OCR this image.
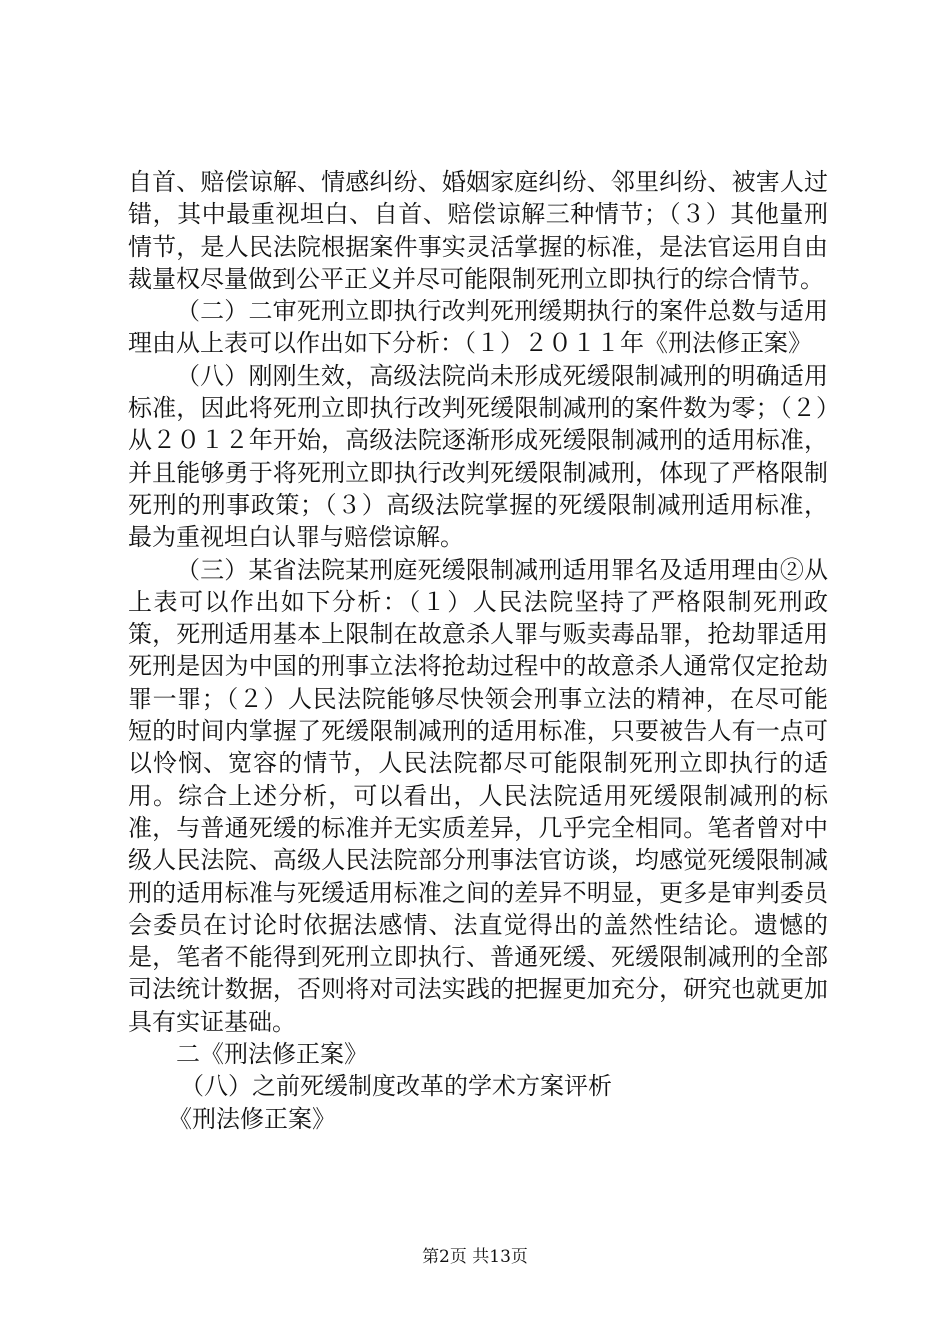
自首、赔偿谅解、情感纠纷、婚姻家庭纠纷、邻里纠纷、被害人过错，其中最重视坦白、自首、赔偿谅解三种情节；（３）其他量刑情节，是人民法院根据案件事实灵活掌握的标准，是法官运用自由裁量权尽量做到公平正义并尽可能限制死刑立即执行的综合情节。

（二）二审死刑立即执行改判死刑缓期执行的案件总数与适用理由从上表可以作出如下分析：（１）２０１１年《刑法修正案》

（八）刚刚生效，高级法院尚未形成死缓限制减刑的明确适用标准，因此将死刑立即执行改判死缓限制减刑的案件数为零；（２）从２０１２年开始，高级法院逐渐形成死缓限制减刑的适用标准，并且能够勇于将死刑立即执行改判死缓限制减刑，体现了严格限制死刑的刑事政策；（３）高级法院掌握的死缓限制减刑适用标准，最为重视坦白认罪与赔偿谅解。

（三）某省法院某刑庭死缓限制减刑适用罪名及适用理由②从上表可以作出如下分析：（１）人民法院坚持了严格限制死刑政策，死刑适用基本上限制在故意杀人罪与贩卖毒品罪，抢劫罪适用死刑是因为中国的刑事立法将抢劫过程中的故意杀人通常仅定抢劫罪一罪；（２）人民法院能够尽快领会刑事立法的精神，在尽可能短的时间内掌握了死缓限制减刑的适用标准，只要被告人有一点可以怜悯、宽容的情节，人民法院都尽可能限制死刑立即执行的适用。综合上述分析，可以看出，人民法院适用死缓限制减刑的标准，与普通死缓的标准并无实质差异，几乎完全相同。笔者曾对中级人民法院、高级人民法院部分刑事法官访谈，均感觉死缓限制减刑的适用标准与死缓适用标准之间的差异不明显，更多是审判委员会委员在讨论时依据法感情、法直觉得出的盖然性结论。遗憾的是，笔者不能得到死刑立即执行、普通死缓、死缓限制减刑的全部司法统计数据，否则将对司法实践的把握更加充分，研究也就更加具有实证基础。

二《刑法修正案》

（八）之前死缓制度改革的学术方案评析

《刑法修正案》

第2页 共13页
